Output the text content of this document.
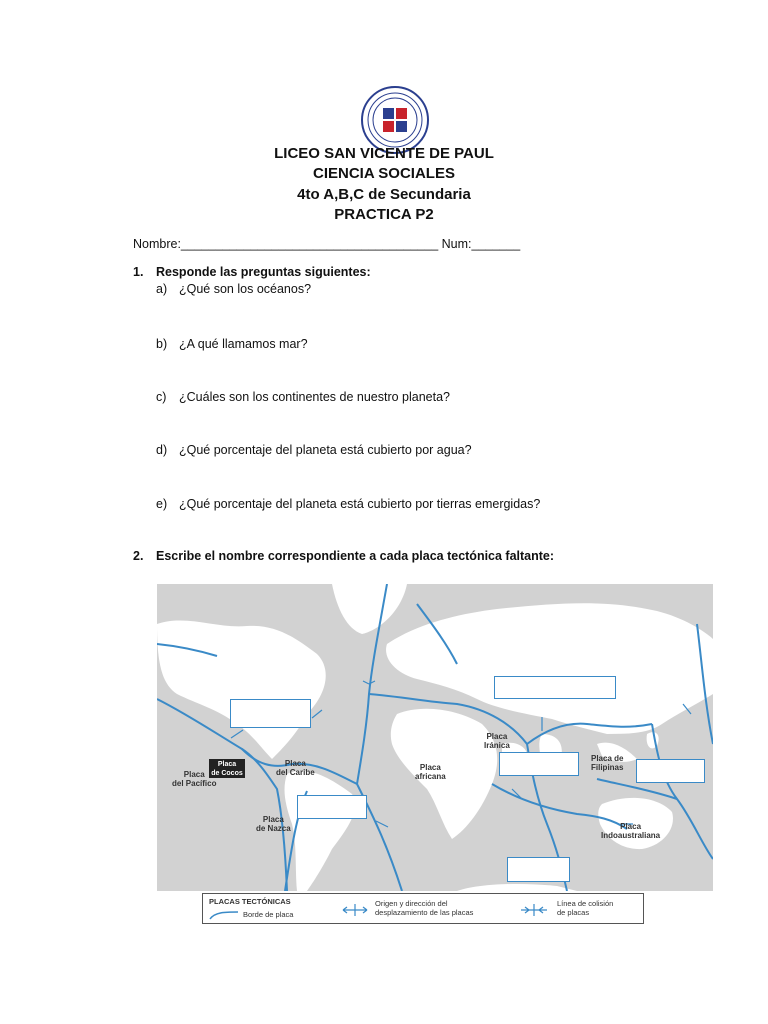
LICEO SAN VICENTE DE PAUL
CIENCIA SOCIALES
4to A,B,C de Secundaria
PRACTICA P2
Nombre:_____________________________________ Num:_______
1. Responde las preguntas siguientes:
a) ¿Qué son los océanos?
b) ¿A qué llamamos mar?
c) ¿Cuáles son los continentes de nuestro planeta?
d) ¿Qué porcentaje del planeta está cubierto por agua?
e) ¿Qué porcentaje del planeta está cubierto por tierras emergidas?
2. Escribe el nombre correspondiente a cada placa tectónica faltante:
Placa
del Pacífico
Placa
de Cocos
Placa
del Caribe
Placa
de Nazca
Placa
africana
Placa
Iránica
Placa de
Filipinas
Placa
Indoaustraliana
PLACAS TECTÓNICAS
Borde de placa
Origen y dirección del
desplazamiento de las placas
Línea de colisión
de placas
